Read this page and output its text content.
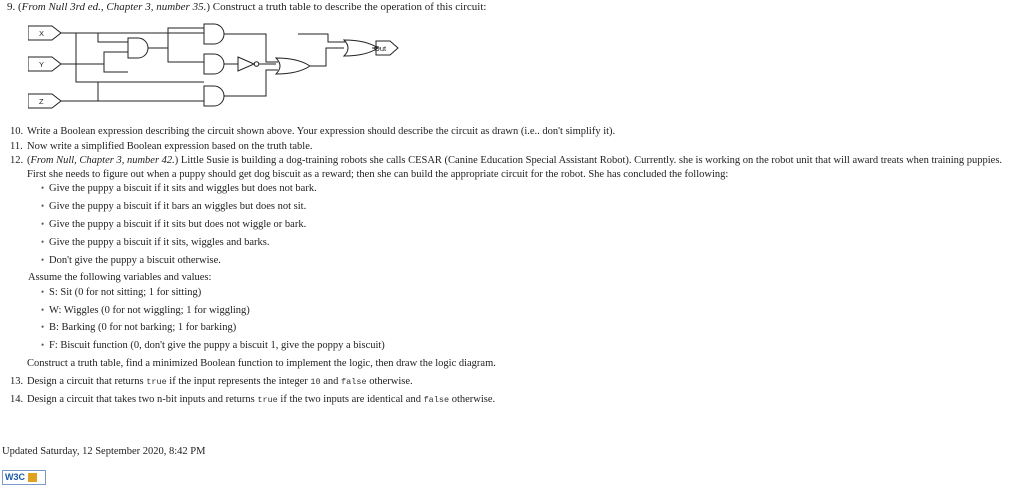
9. (From Null 3rd ed., Chapter 3, number 35.) Construct a truth table to describe the operation of this circuit:
X
Y
Z
Out
10. Write a Boolean expression describing the circuit shown above. Your expression should describe the circuit as drawn (i.e.. don't simplify it).
11. Now write a simplified Boolean expression based on the truth table.
12. (From Null, Chapter 3, number 42.) Little Susie is building a dog-training robots she calls CESAR (Canine Education Special Assistant Robot). Currently. she is working on the robot unit that will award treats when training puppies. First she needs to figure out when a puppy should get dog biscuit as a reward; then she can build the appropriate circuit for the robot. She has concluded the following:
• Give the puppy a biscuit if it sits and wiggles but does not bark.
• Give the puppy a biscuit if it bars an wiggles but does not sit.
• Give the puppy a biscuit if it sits but does not wiggle or bark.
• Give the puppy a biscuit if it sits, wiggles and barks.
• Don't give the puppy a biscuit otherwise.
Assume the following variables and values:
• S: Sit (0 for not sitting; 1 for sitting)
• W: Wiggles (0 for not wiggling; 1 for wiggling)
• B: Barking (0 for not barking; 1 for barking)
• F: Biscuit function (0, don't give the puppy a biscuit 1, give the poppy a biscuit)
Construct a truth table, find a minimized Boolean function to implement the logic, then draw the logic diagram.
13. Design a circuit that returns true if the input represents the integer 10 and false otherwise.
14. Design a circuit that takes two n-bit inputs and returns true if the two inputs are identical and false otherwise.
Updated Saturday, 12 September 2020, 8:42 PM
W3C
